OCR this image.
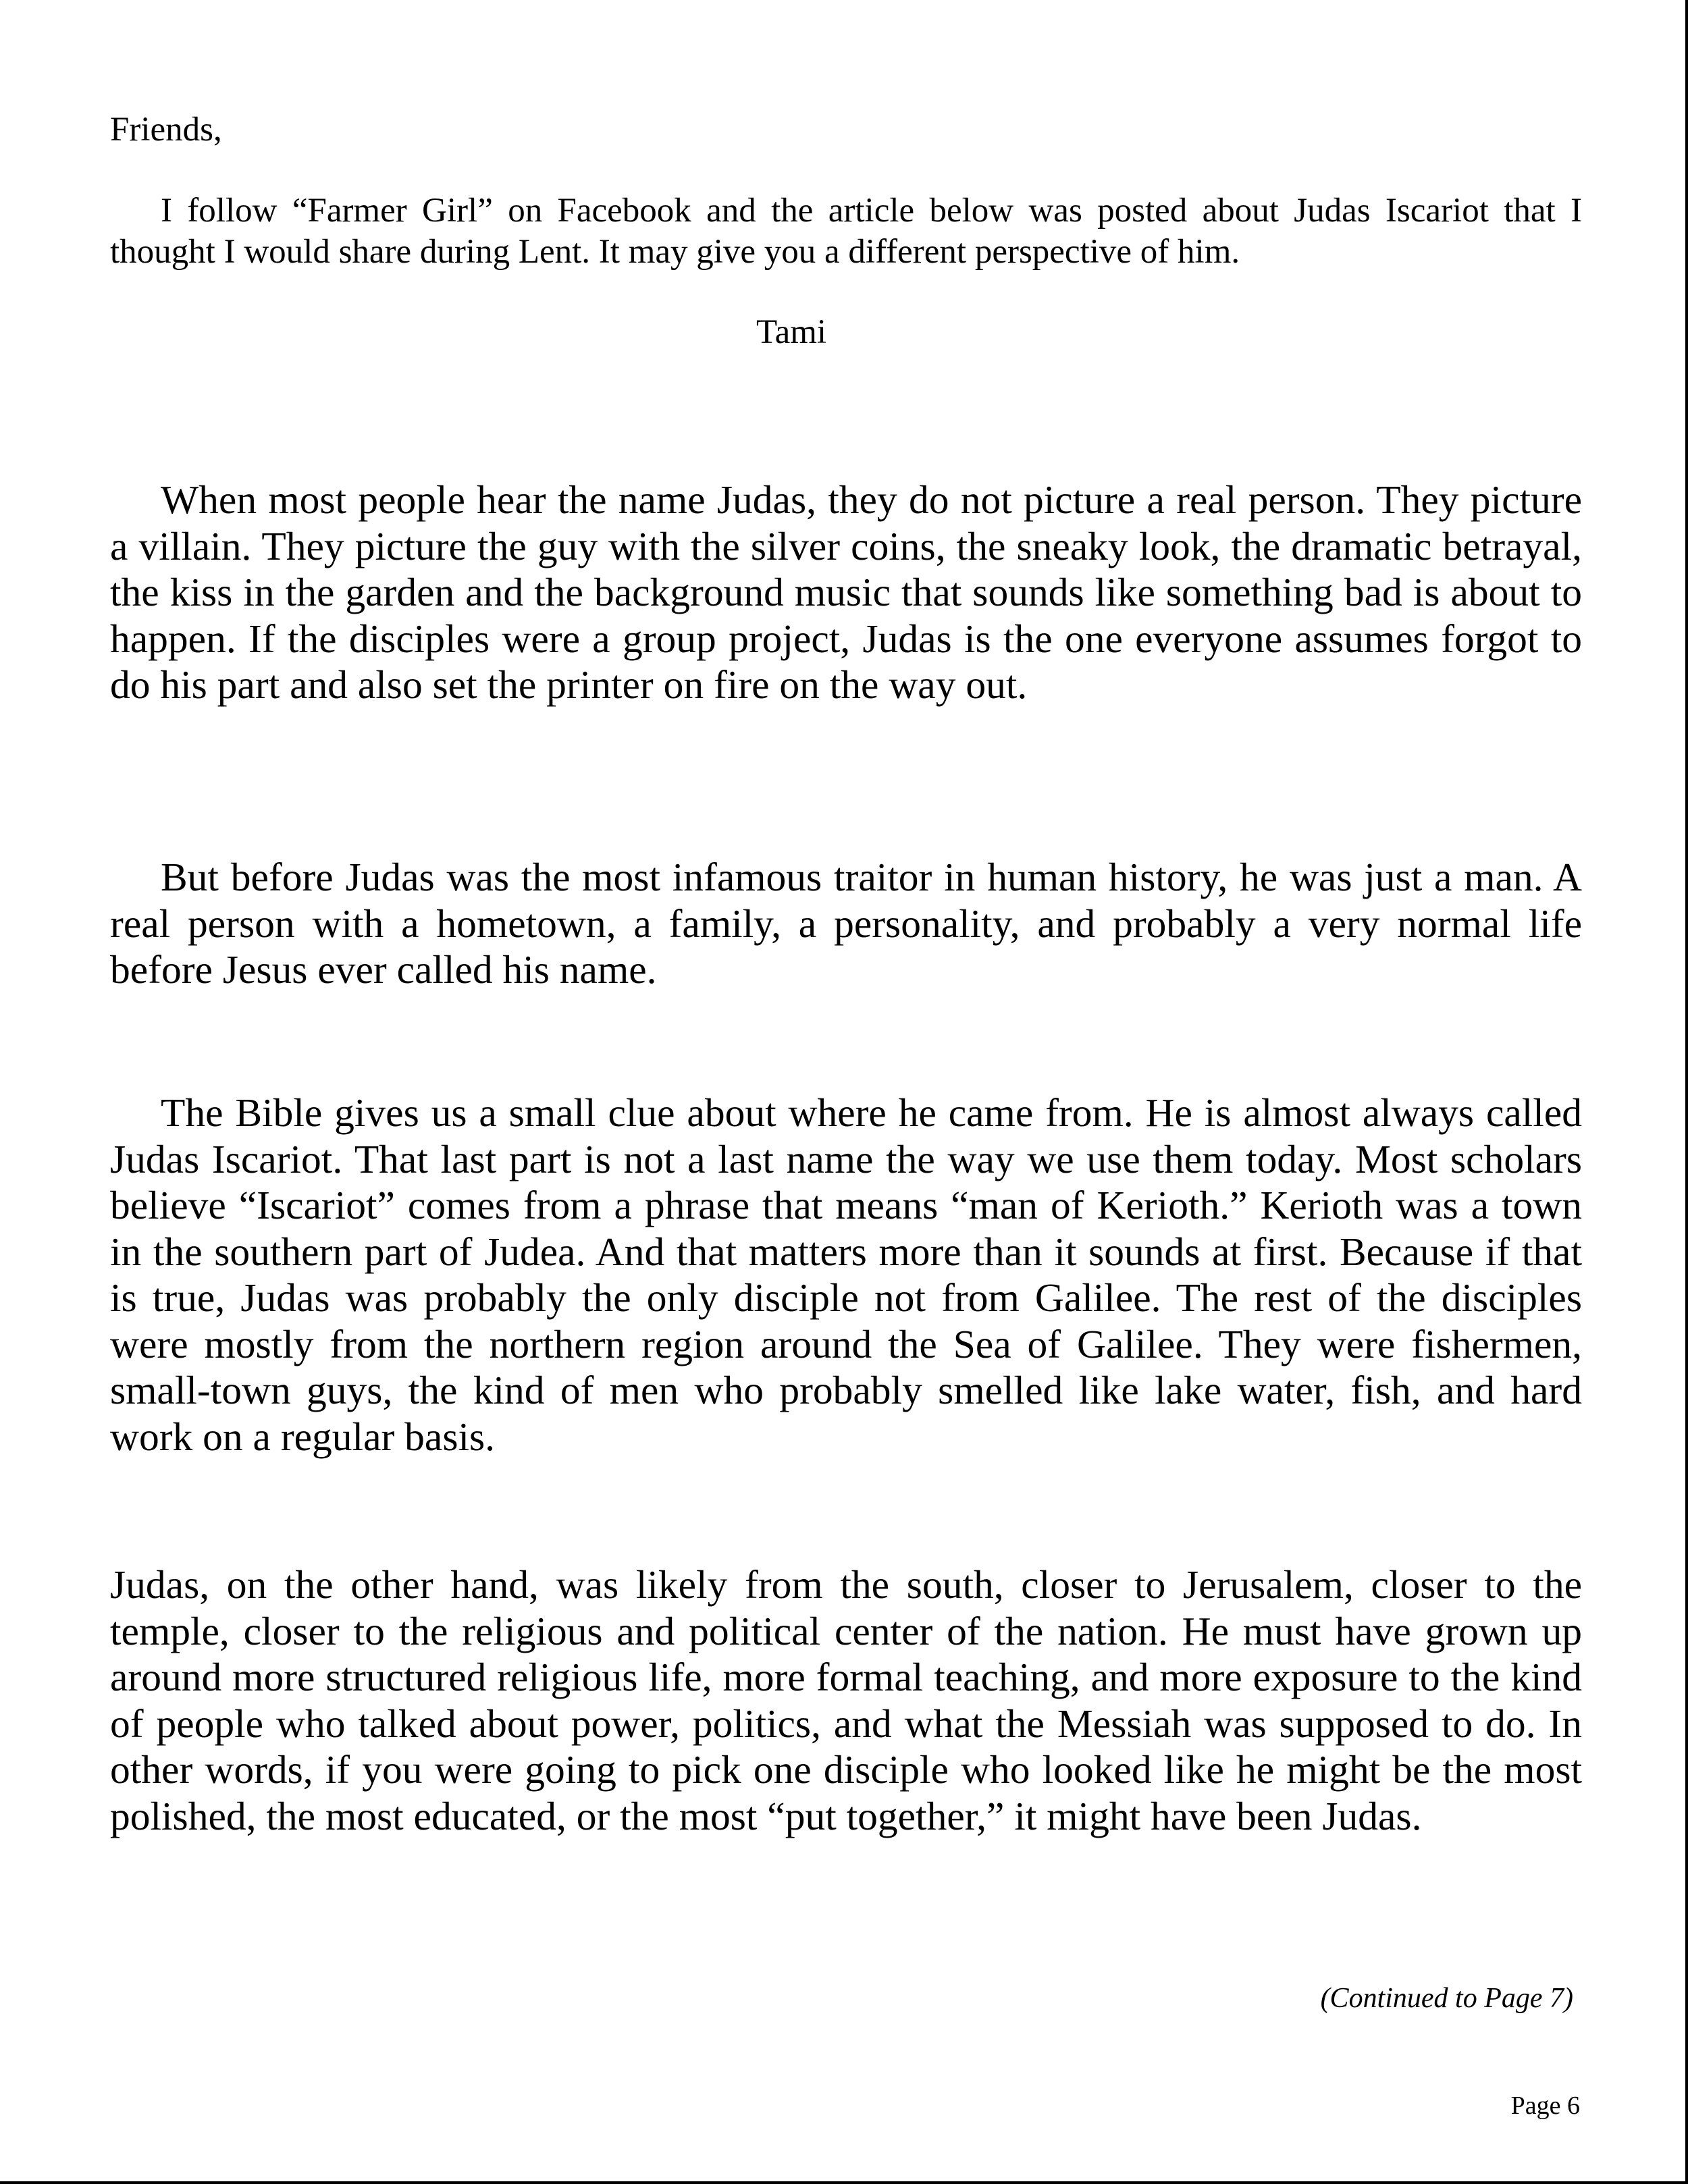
Friends,

I follow “Farmer Girl” on Facebook and the article below was posted about Judas Iscariot that I thought I would share during Lent. It may give you a different perspective of him.

Tami

When most people hear the name Judas, they do not picture a real person. They picture a villain. They picture the guy with the silver coins, the sneaky look, the dramatic betrayal, the kiss in the garden and the background music that sounds like something bad is about to happen. If the disciples were a group project, Judas is the one everyone assumes forgot to do his part and also set the printer on fire on the way out.

But before Judas was the most infamous traitor in human history, he was just a man. A real person with a hometown, a family, a personality, and probably a very normal life before Jesus ever called his name.

The Bible gives us a small clue about where he came from. He is almost always called Judas Iscariot. That last part is not a last name the way we use them today. Most scholars believe “Iscariot” comes from a phrase that means “man of Kerioth.” Kerioth was a town in the southern part of Judea. And that matters more than it sounds at first. Because if that is true, Judas was probably the only disciple not from Galilee. The rest of the disciples were mostly from the northern region around the Sea of Galilee. They were fishermen, small-town guys, the kind of men who probably smelled like lake water, fish, and hard work on a regular basis.

Judas, on the other hand, was likely from the south, closer to Jerusalem, closer to the temple, closer to the religious and political center of the nation. He must have grown up around more structured religious life, more formal teaching, and more exposure to the kind of people who talked about power, politics, and what the Messiah was supposed to do. In other words, if you were going to pick one disciple who looked like he might be the most polished, the most educated, or the most “put together,” it might have been Judas.

(Continued to Page 7)
Page 6
